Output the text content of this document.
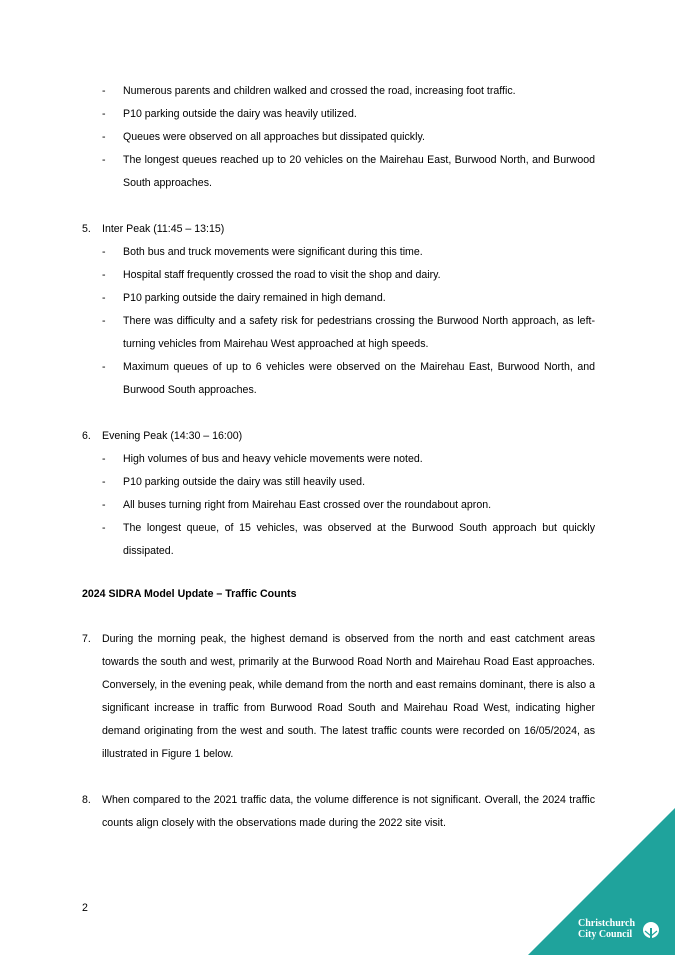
- Numerous parents and children walked and crossed the road, increasing foot traffic.
- P10 parking outside the dairy was heavily utilized.
- Queues were observed on all approaches but dissipated quickly.
- The longest queues reached up to 20 vehicles on the Mairehau East, Burwood North, and Burwood South approaches.
5. Inter Peak (11:45 – 13:15)
- Both bus and truck movements were significant during this time.
- Hospital staff frequently crossed the road to visit the shop and dairy.
- P10 parking outside the dairy remained in high demand.
- There was difficulty and a safety risk for pedestrians crossing the Burwood North approach, as left-turning vehicles from Mairehau West approached at high speeds.
- Maximum queues of up to 6 vehicles were observed on the Mairehau East, Burwood North, and Burwood South approaches.
6. Evening Peak (14:30 – 16:00)
- High volumes of bus and heavy vehicle movements were noted.
- P10 parking outside the dairy was still heavily used.
- All buses turning right from Mairehau East crossed over the roundabout apron.
- The longest queue, of 15 vehicles, was observed at the Burwood South approach but quickly dissipated.
2024 SIDRA Model Update – Traffic Counts
7. During the morning peak, the highest demand is observed from the north and east catchment areas towards the south and west, primarily at the Burwood Road North and Mairehau Road East approaches. Conversely, in the evening peak, while demand from the north and east remains dominant, there is also a significant increase in traffic from Burwood Road South and Mairehau Road West, indicating higher demand originating from the west and south. The latest traffic counts were recorded on 16/05/2024, as illustrated in Figure 1 below.
8. When compared to the 2021 traffic data, the volume difference is not significant. Overall, the 2024 traffic counts align closely with the observations made during the 2022 site visit.
2
Christchurch
City Council
